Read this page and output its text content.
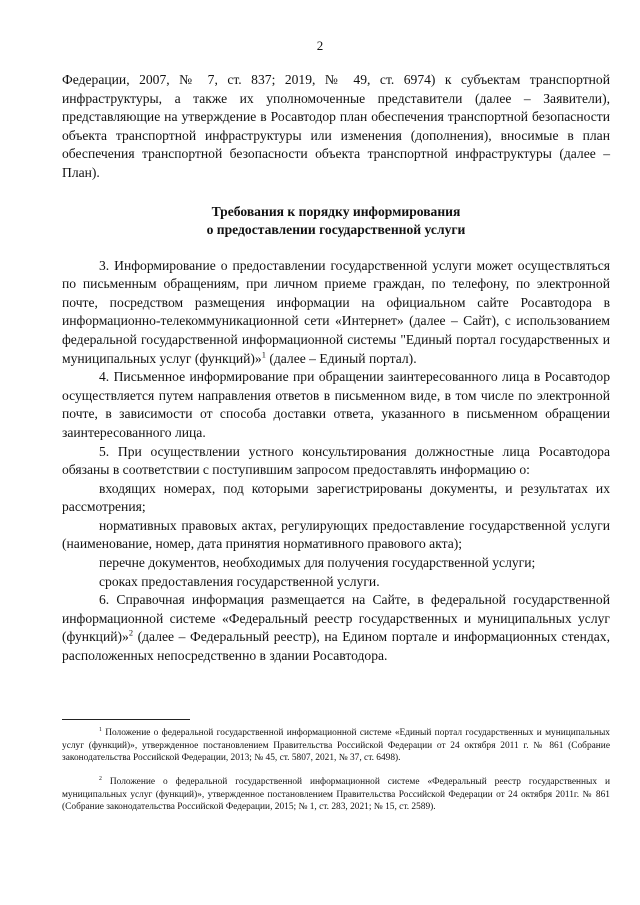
2

Федерации, 2007, № 7, ст. 837; 2019, № 49, ст. 6974) к субъектам транспортной инфраструктуры, а также их уполномоченные представители (далее – Заявители), представляющие на утверждение в Росавтодор план обеспечения транспортной безопасности объекта транспортной инфраструктуры или изменения (дополнения), вносимые в план обеспечения транспортной безопасности объекта транспортной инфраструктуры (далее – План).

Требования к порядку информирования
о предоставлении государственной услуги

3. Информирование о предоставлении государственной услуги может осуществляться по письменным обращениям, при личном приеме граждан, по телефону, по электронной почте, посредством размещения информации на официальном сайте Росавтодора в информационно-телекоммуникационной сети «Интернет» (далее – Сайт), с использованием федеральной государственной информационной системы "Единый портал государственных и муниципальных услуг (функций)»$^1$ (далее – Единый портал).

4. Письменное информирование при обращении заинтересованного лица в Росавтодор осуществляется путем направления ответов в письменном виде, в том числе по электронной почте, в зависимости от способа доставки ответа, указанного в письменном обращении заинтересованного лица.

5. При осуществлении устного консультирования должностные лица Росавтодора обязаны в соответствии с поступившим запросом предоставлять информацию о:

входящих номерах, под которыми зарегистрированы документы, и результатах их рассмотрения;

нормативных правовых актах, регулирующих предоставление государственной услуги (наименование, номер, дата принятия нормативного правового акта);

перечне документов, необходимых для получения государственной услуги;

сроках предоставления государственной услуги.

6. Справочная информация размещается на Сайте, в федеральной государственной информационной системе «Федеральный реестр государственных и муниципальных услуг (функций)»$^2$ (далее – Федеральный реестр), на Едином портале и информационных стендах, расположенных непосредственно в здании Росавтодора.

$^1$ Положение о федеральной государственной информационной системе «Единый портал государственных и муниципальных услуг (функций)», утвержденное постановлением Правительства Российской Федерации от 24 октября 2011 г. № 861 (Собрание законодательства Российской Федерации, 2013; № 45, ст. 5807, 2021, № 37, ст. 6498).
$^2$ Положение о федеральной государственной информационной системе «Федеральный реестр государственных и муниципальных услуг (функций)», утвержденное постановлением Правительства Российской Федерации от 24 октября 2011г. № 861 (Собрание законодательства Российской Федерации, 2015; № 1, ст. 283, 2021; № 15, ст. 2589).
